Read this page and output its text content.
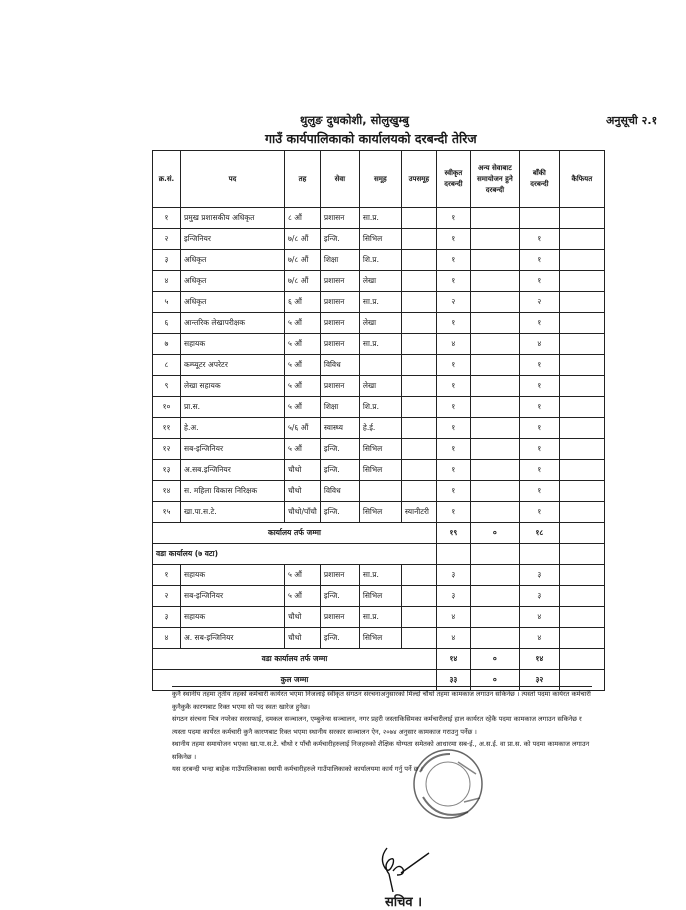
थुलुङ दुधकोशी, सोलुखुम्बु	अनुसूची २.१
गाउँ कार्यपालिकाको कार्यालयको दरबन्दी तेरिज
क्र.सं.	पद	तह	सेवा	समूह	उपसमूह	स्वीकृत दरबन्दी	अन्य सेवाबाट समायोजन हुने दरबन्दी	बाँकी दरबन्दी	कैफियत
१	प्रमुख प्रशासकीय अधिकृत	८ औं	प्रशासन	सा.प्र.		१			
२	इन्जिनियर	७/८ औं	इन्जि.	सिभिल		१		१	
३	अधिकृत	७/८ औं	शिक्षा	शि.प्र.		१		१	
४	अधिकृत	७/८ औं	प्रशासन	लेखा		१		१	
५	अधिकृत	६ औं	प्रशासन	सा.प्र.		२		२	
६	आन्तरिक लेखापरीक्षक	५ औं	प्रशासन	लेखा		१		१	
७	सहायक	५ औं	प्रशासन	सा.प्र.		४		४	
८	कम्प्यूटर अपरेटर	५ औं	विविध			१		१	
९	लेखा सहायक	५ औं	प्रशासन	लेखा		१		१	
१०	प्रा.स.	५ औं	शिक्षा	शि.प्र.		१		१	
११	हे.अ.	५/६ औं	स्वास्थ्य	हे.ई.		१		१	
१२	सब-इन्जिनियर	५ औं	इन्जि.	सिभिल		१		१	
१३	अ.सब.इन्जिनियर	चौथो	इन्जि.	सिभिल		१		१	
१४	स. महिला विकास निरिक्षक	चौथो	विविध			१		१	
१५	खा.पा.स.टे.	चौथो/पाँचौ	इन्जि.	सिभिल	स्यानीटरी	१		१	
कार्यालय तर्फ जम्मा						१९	०	१८	
वडा कार्यालय (७ वटा)									
१	सहायक	५ औं	प्रशासन	सा.प्र.		३		३	
२	सब-इन्जिनियर	५ औं	इन्जि.	सिभिल		३		३	
३	सहायक	चौथो	प्रशासन	सा.प्र.		४		४	
४	अ. सब-इन्जिनियर	चौथो	इन्जि.	सिभिल		४		४	
वडा कार्यालय तर्फ जम्मा						१४	०	१४	
कुल जम्मा						३३	०	३२	

कुनै स्थानीय तहमा तृतीय तहको कर्मचारी कार्यरत भएमा निजलाई स्वीकृत संगठन संरचनाअनुसारको मिल्दो चौथो तहमा कामकाज लगाउन सकिनेछ । त्यस्तो पदमा कार्यरत कर्मचारी कुनैकुकै कारणबाट रिक्त भएमा सो पद स्वतः खारेज हुनेछ।

संगठन संरचना भित्र नपरेका सरसफाई, दमकल सञ्चालन, एम्बुलेन्स सञ्चालन, नगर प्रहरी जस्ताकिसिमका कर्मचारीलाई हाल कार्यरत रहेकै पदमा कामकाज लगाउन सकिनेछ र त्यस्ता पदमा कार्यरत कर्मचारी कुनै कारणबाट रिक्त भएमा स्थानीय सरकार सञ्चालन ऐन, २०७४ अनुसार कामकाज गराउनु पर्नेछ ।

स्थानीय तहमा समायोजन भएका खा.पा.स.टे. चौथो र पाँचौ कर्मचारीहरुलाई निजहरुको शैक्षिक योग्यता समेतको आधारमा सब-ई., अ.स.ई. वा प्रा.स. को पदमा कामकाज लगाउन सकिनेछ ।

यस दरबन्दी भन्दा बाहेक गाउँपालिकाका स्थायी कर्मचारीहरुले गाउँपालिकाको कार्यालयमा कार्य गर्नु पर्ने छ ।

सचिव ।
